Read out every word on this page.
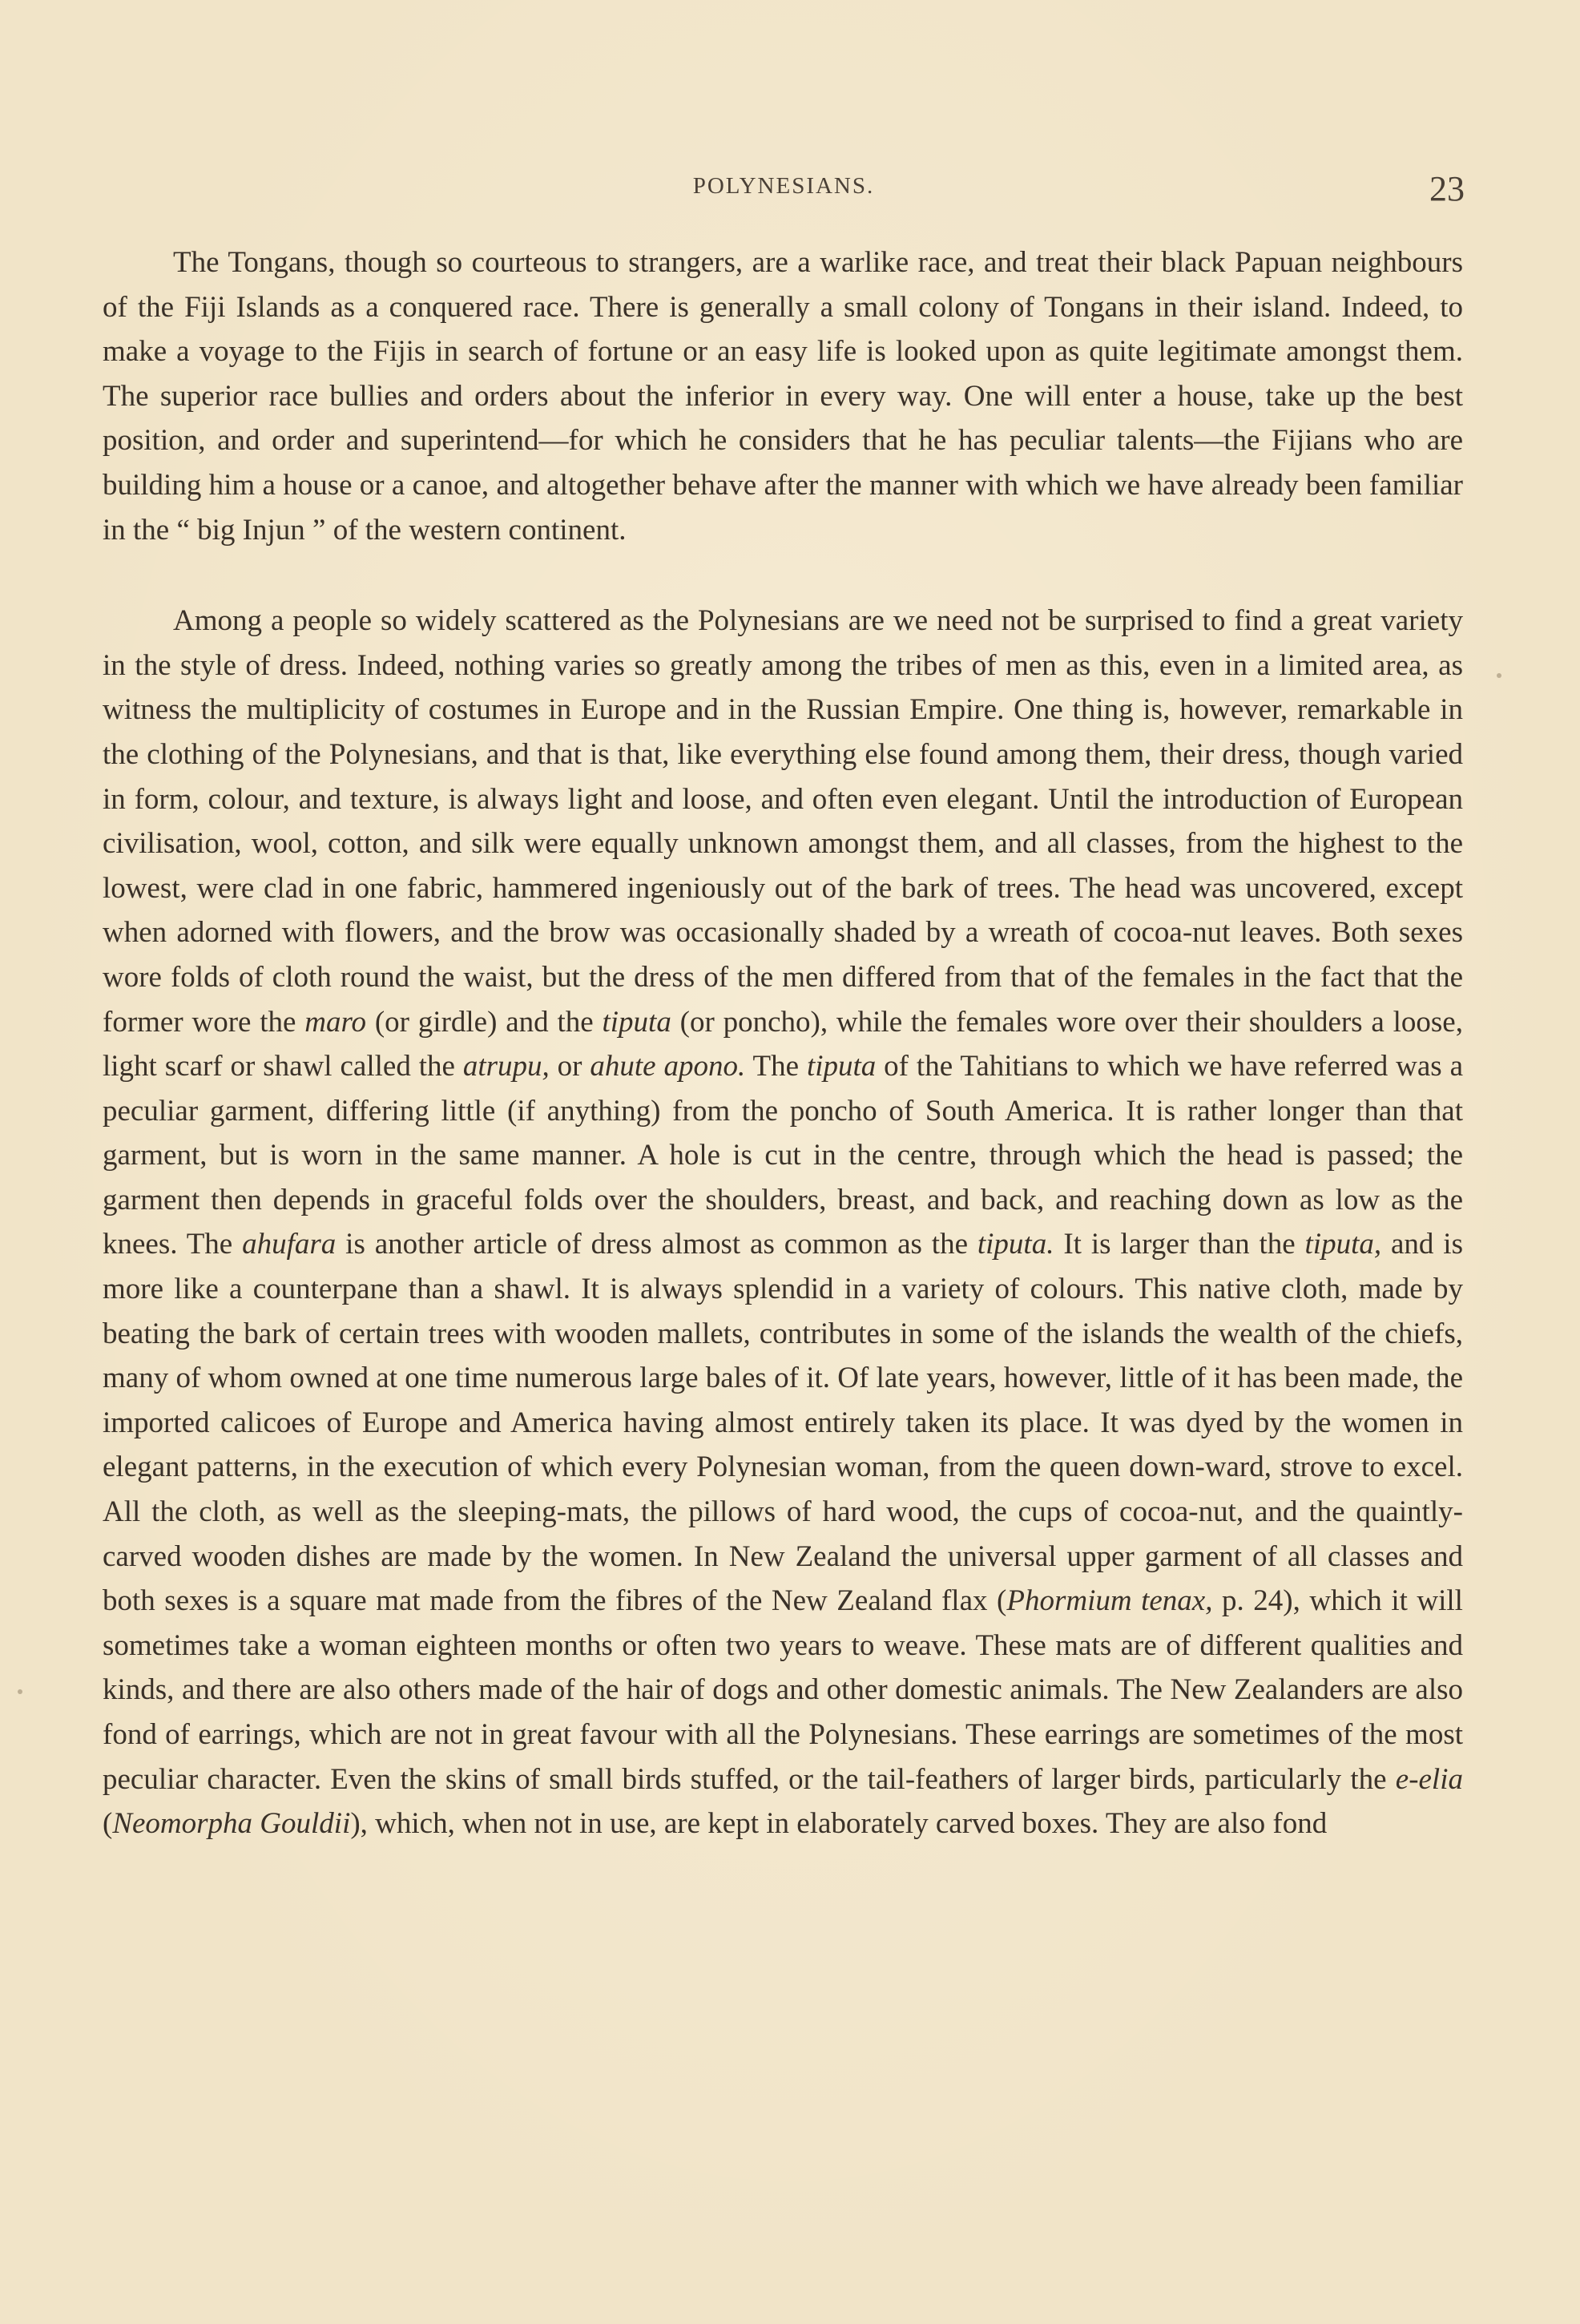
POLYNESIANS.	23

The Tongans, though so courteous to strangers, are a warlike race, and treat their black Papuan neighbours of the Fiji Islands as a conquered race. There is generally a small colony of Tongans in their island. Indeed, to make a voyage to the Fijis in search of fortune or an easy life is looked upon as quite legitimate amongst them. The superior race bullies and orders about the inferior in every way. One will enter a house, take up the best position, and order and superintend—for which he considers that he has peculiar talents—the Fijians who are building him a house or a canoe, and altogether behave after the manner with which we have already been familiar in the “ big Injun ” of the western continent.

Among a people so widely scattered as the Polynesians are we need not be surprised to find a great variety in the style of dress. Indeed, nothing varies so greatly among the tribes of men as this, even in a limited area, as witness the multiplicity of costumes in Europe and in the Russian Empire. One thing is, however, remarkable in the clothing of the Polynesians, and that is that, like everything else found among them, their dress, though varied in form, colour, and texture, is always light and loose, and often even elegant. Until the introduction of European civilisation, wool, cotton, and silk were equally unknown amongst them, and all classes, from the highest to the lowest, were clad in one fabric, hammered ingeniously out of the bark of trees. The head was uncovered, except when adorned with flowers, and the brow was occasionally shaded by a wreath of cocoa-nut leaves. Both sexes wore folds of cloth round the waist, but the dress of the men differed from that of the females in the fact that the former wore the maro (or girdle) and the tiputa (or poncho), while the females wore over their shoulders a loose, light scarf or shawl called the atrupu, or ahute apono. The tiputa of the Tahitians to which we have referred was a peculiar garment, differing little (if anything) from the poncho of South America. It is rather longer than that garment, but is worn in the same manner. A hole is cut in the centre, through which the head is passed; the garment then depends in graceful folds over the shoulders, breast, and back, and reaching down as low as the knees. The ahufara is another article of dress almost as common as the tiputa. It is larger than the tiputa, and is more like a counterpane than a shawl. It is always splendid in a variety of colours. This native cloth, made by beating the bark of certain trees with wooden mallets, contributes in some of the islands the wealth of the chiefs, many of whom owned at one time numerous large bales of it. Of late years, however, little of it has been made, the imported calicoes of Europe and America having almost entirely taken its place. It was dyed by the women in elegant patterns, in the execution of which every Polynesian woman, from the queen down-ward, strove to excel. All the cloth, as well as the sleeping-mats, the pillows of hard wood, the cups of cocoa-nut, and the quaintly-carved wooden dishes are made by the women. In New Zealand the universal upper garment of all classes and both sexes is a square mat made from the fibres of the New Zealand flax (Phormium tenax, p. 24), which it will sometimes take a woman eighteen months or often two years to weave. These mats are of different qualities and kinds, and there are also others made of the hair of dogs and other domestic animals. The New Zealanders are also fond of earrings, which are not in great favour with all the Polynesians. These earrings are sometimes of the most peculiar character. Even the skins of small birds stuffed, or the tail-feathers of larger birds, particularly the e-elia (Neomorpha Gouldii), which, when not in use, are kept in elaborately carved boxes. They are also fond
